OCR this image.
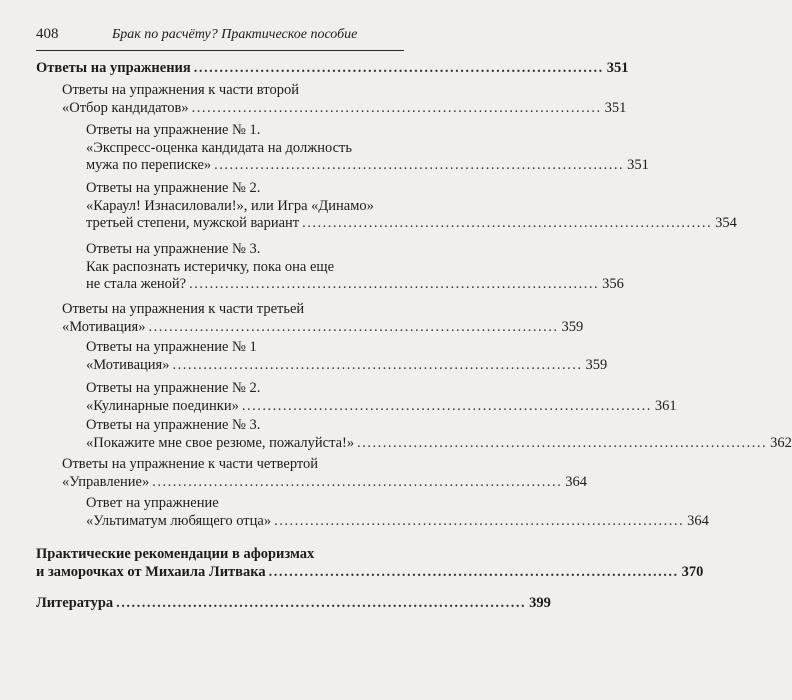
408	Брак по расчёту? Практическое пособие
Ответы на упражнения ................................................................................ 351
Ответы на упражнения к части второй
«Отбор кандидатов» ................................................................................ 351
Ответы на упражнение № 1.
«Экспресс-оценка кандидата на должность
мужа по переписке» ................................................................................ 351
Ответы на упражнение № 2.
«Караул! Изнасиловали!», или Игра «Динамо»
третьей степени, мужской вариант ................................................................................ 354
Ответы на упражнение № 3.
Как распознать истеричку, пока она еще
не стала женой? ................................................................................ 356
Ответы на упражнения к части третьей
«Мотивация» ................................................................................ 359
Ответы на упражнение № 1
«Мотивация» ................................................................................ 359
Ответы на упражнение № 2.
«Кулинарные поединки» ................................................................................ 361
Ответы на упражнение № 3.
«Покажите мне свое резюме, пожалуйста!» ................................................................................ 362
Ответы на упражнение к части четвертой
«Управление» ................................................................................ 364
Ответ на упражнение
«Ультиматум любящего отца» ................................................................................ 364
Практические рекомендации в афоризмах
и заморочках от Михаила Литвака ................................................................................ 370
Литература ................................................................................ 399
